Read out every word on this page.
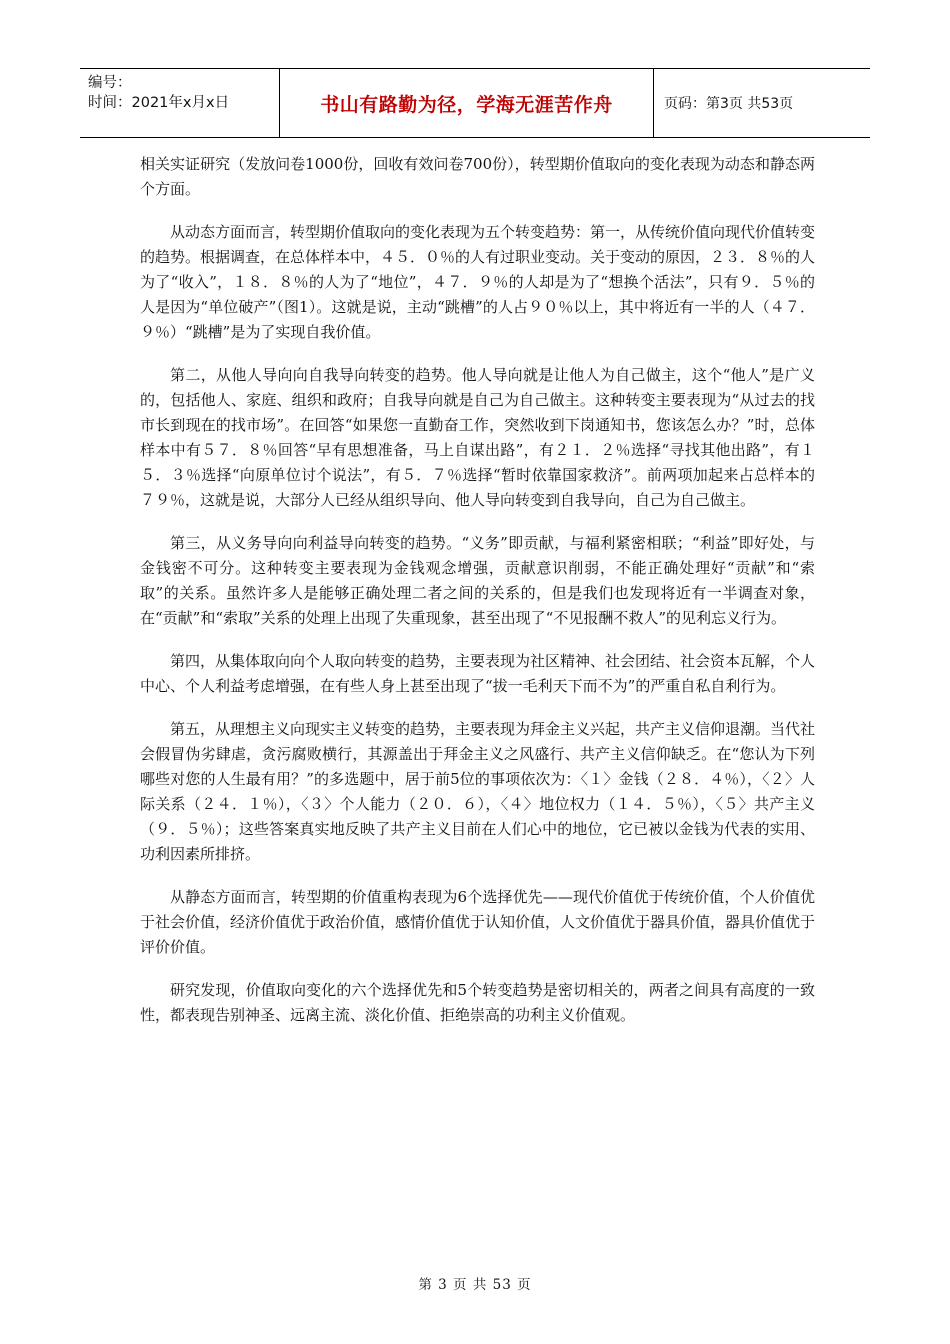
编号：
时间：2021年x月x日	书山有路勤为径，学海无涯苦作舟	页码：第3页 共53页

相关实证研究（发放问卷1000份，回收有效问卷700份），转型期价值取向的变化表现为动态和静态两个方面。

从动态方面而言，转型期价值取向的变化表现为五个转变趋势：第一，从传统价值向现代价值转变的趋势。根据调查，在总体样本中，４５．０％的人有过职业变动。关于变动的原因，２３．８％的人为了“收入”，１８．８％的人为了“地位”，４７．９％的人却是为了“想换个活法”，只有９．５％的人是因为“单位破产”（图1）。这就是说，主动“跳槽”的人占９０％以上，其中将近有一半的人（４７．９％）“跳槽”是为了实现自我价值。

第二，从他人导向向自我导向转变的趋势。他人导向就是让他人为自己做主，这个“他人”是广义的，包括他人、家庭、组织和政府；自我导向就是自己为自己做主。这种转变主要表现为“从过去的找市长到现在的找市场”。在回答“如果您一直勤奋工作，突然收到下岗通知书，您该怎么办？”时，总体样本中有５７．８％回答“早有思想准备，马上自谋出路”，有２１．２％选择“寻找其他出路”，有１５．３％选择“向原单位讨个说法”，有５．７％选择“暂时依靠国家救济”。前两项加起来占总样本的７９％，这就是说，大部分人已经从组织导向、他人导向转变到自我导向，自己为自己做主。

第三，从义务导向向利益导向转变的趋势。“义务”即贡献，与福利紧密相联；“利益”即好处，与金钱密不可分。这种转变主要表现为金钱观念增强，贡献意识削弱，不能正确处理好“贡献”和“索取”的关系。虽然许多人是能够正确处理二者之间的关系的，但是我们也发现将近有一半调查对象，在“贡献”和“索取”关系的处理上出现了失重现象，甚至出现了“不见报酬不救人”的见利忘义行为。

第四，从集体取向向个人取向转变的趋势，主要表现为社区精神、社会团结、社会资本瓦解，个人中心、个人利益考虑增强，在有些人身上甚至出现了“拔一毛利天下而不为”的严重自私自利行为。

第五，从理想主义向现实主义转变的趋势，主要表现为拜金主义兴起，共产主义信仰退潮。当代社会假冒伪劣肆虐，贪污腐败横行，其源盖出于拜金主义之风盛行、共产主义信仰缺乏。在“您认为下列哪些对您的人生最有用？”的多选题中，居于前5位的事项依次为：〈１〉金钱（２８．４％），〈２〉人际关系（２４．１％），〈３〉个人能力（２０．６），〈４〉地位权力（１４．５％），〈５〉共产主义（９．５％）；这些答案真实地反映了共产主义目前在人们心中的地位，它已被以金钱为代表的实用、功利因素所排挤。

从静态方面而言，转型期的价值重构表现为6个选择优先——现代价值优于传统价值，个人价值优于社会价值，经济价值优于政治价值，感情价值优于认知价值，人文价值优于器具价值，器具价值优于评价价值。

研究发现，价值取向变化的六个选择优先和5个转变趋势是密切相关的，两者之间具有高度的一致性，都表现告别神圣、远离主流、淡化价值、拒绝崇高的功利主义价值观。

第 3 页 共 53 页
